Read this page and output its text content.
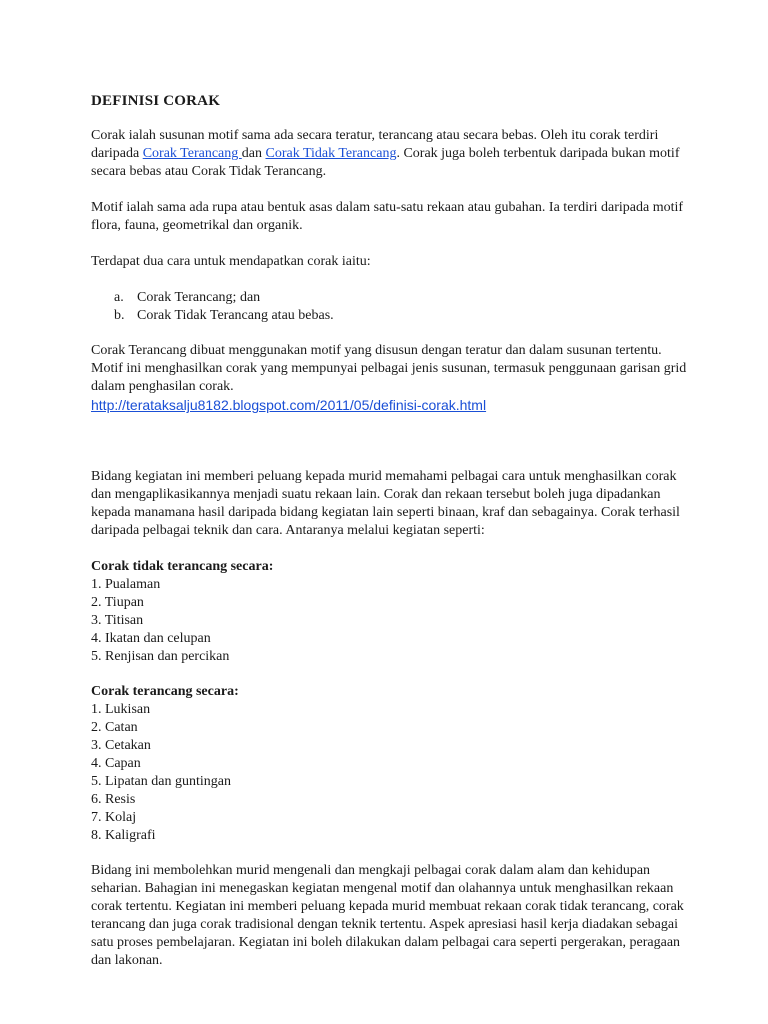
DEFINISI CORAK

Corak ialah susunan motif sama ada secara teratur, terancang atau secara bebas. Oleh itu corak terdiri daripada Corak Terancang dan Corak Tidak Terancang. Corak juga boleh terbentuk daripada bukan motif secara bebas atau Corak Tidak Terancang.

Motif ialah sama ada rupa atau bentuk asas dalam satu-satu rekaan atau gubahan. Ia terdiri daripada motif flora, fauna, geometrikal dan organik.

Terdapat dua cara untuk mendapatkan corak iaitu:

a. Corak Terancang; dan
b. Corak Tidak Terancang atau bebas.

Corak Terancang dibuat menggunakan motif yang disusun dengan teratur dan dalam susunan tertentu. Motif ini menghasilkan corak yang mempunyai pelbagai jenis susunan, termasuk penggunaan garisan grid dalam penghasilan corak.

http://terataksalju8182.blogspot.com/2011/05/definisi-corak.html

Bidang kegiatan ini memberi peluang kepada murid memahami pelbagai cara untuk menghasilkan corak dan mengaplikasikannya menjadi suatu rekaan lain. Corak dan rekaan tersebut boleh juga dipadankan kepada manamana hasil daripada bidang kegiatan lain seperti binaan, kraf dan sebagainya. Corak terhasil daripada pelbagai teknik dan cara. Antaranya melalui kegiatan seperti:

Corak tidak terancang secara:
1. Pualaman
2. Tiupan
3. Titisan
4. Ikatan dan celupan
5. Renjisan dan percikan
Corak terancang secara:
1. Lukisan
2. Catan
3. Cetakan
4. Capan
5. Lipatan dan guntingan
6. Resis
7. Kolaj
8. Kaligrafi

Bidang ini membolehkan murid mengenali dan mengkaji pelbagai corak dalam alam dan kehidupan seharian. Bahagian ini menegaskan kegiatan mengenal motif dan olahannya untuk menghasilkan rekaan corak tertentu. Kegiatan ini memberi peluang kepada murid membuat rekaan corak tidak terancang, corak terancang dan juga corak tradisional dengan teknik tertentu. Aspek apresiasi hasil kerja diadakan sebagai satu proses pembelajaran. Kegiatan ini boleh dilakukan dalam pelbagai cara seperti pergerakan, peragaan dan lakonan.
